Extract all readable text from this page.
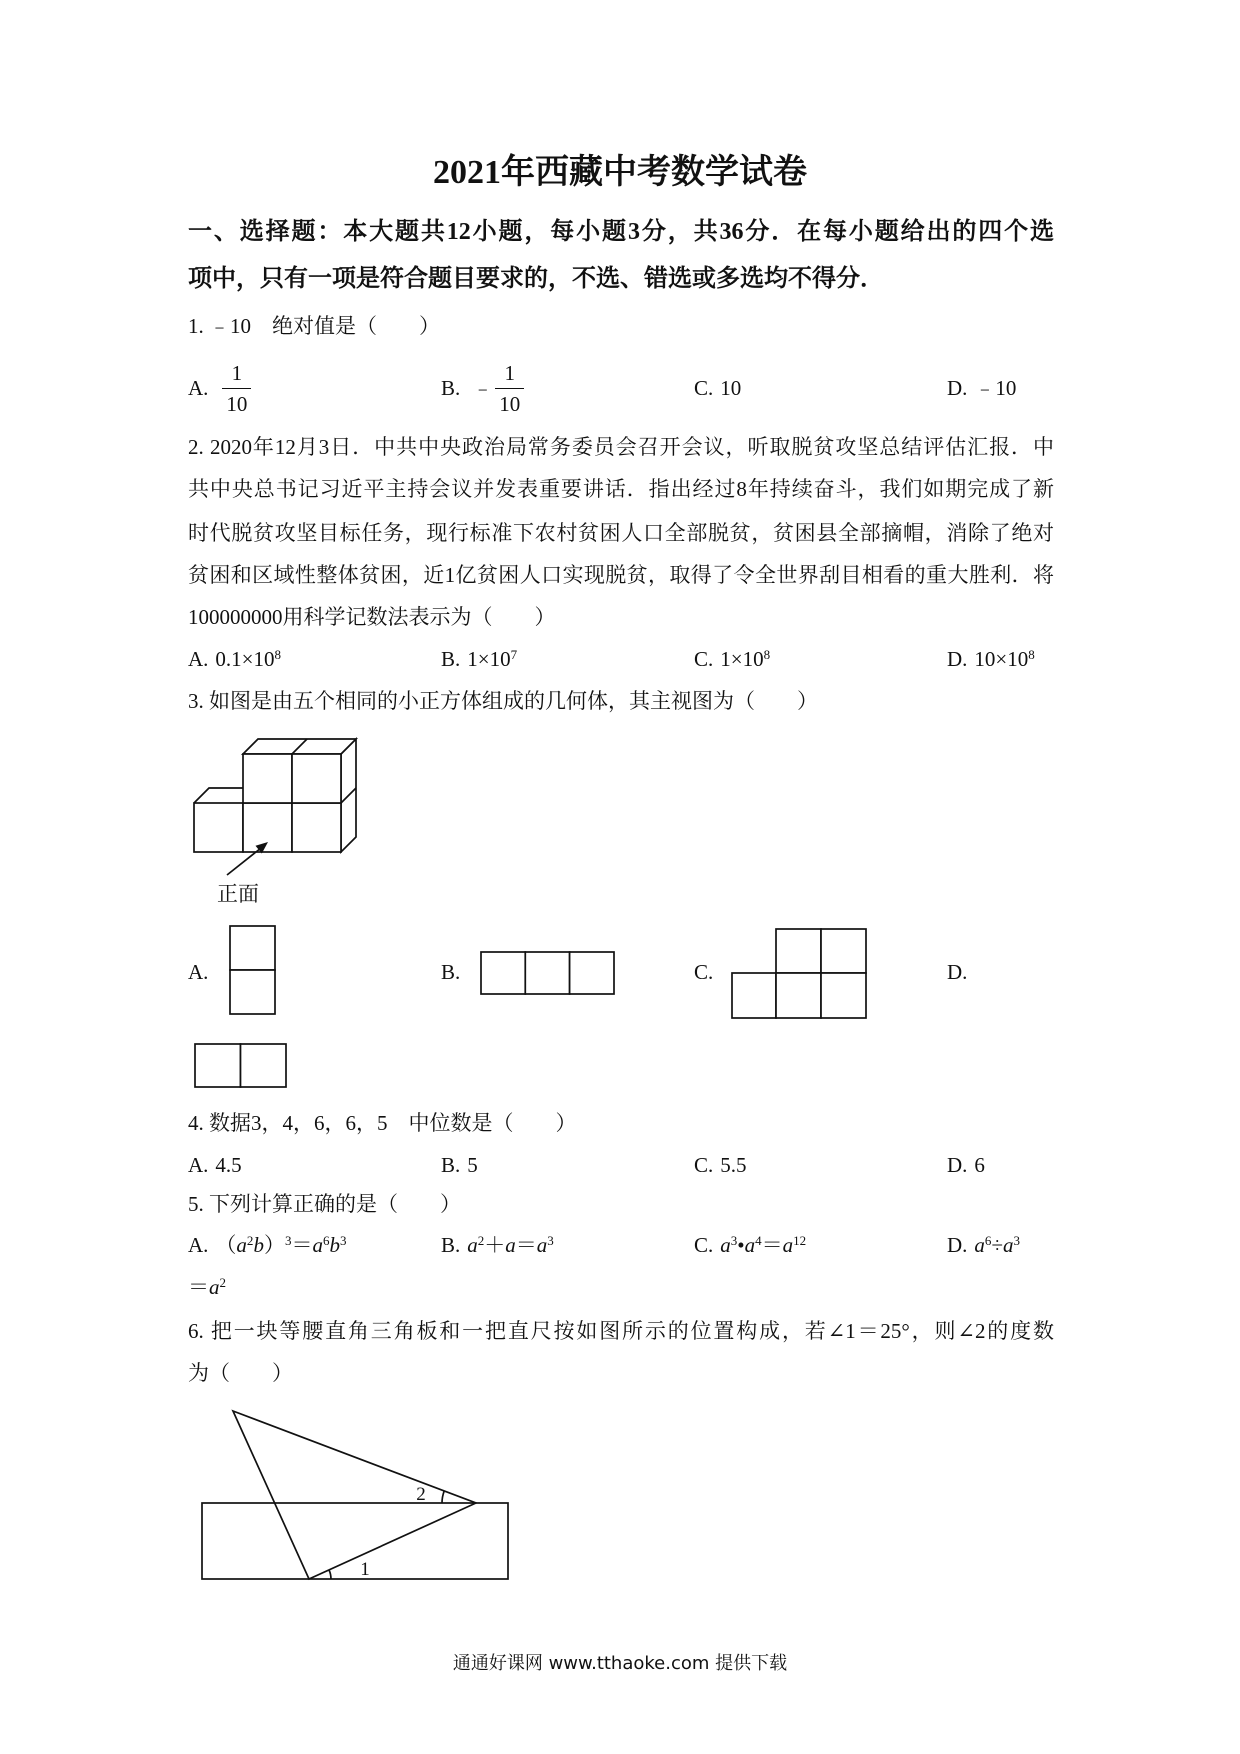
2021年西藏中考数学试卷
一、选择题：本大题共12小题，每小题3分，共36分．在每小题给出的四个选
项中，只有一项是符合题目要求的，不选、错选或多选均不得分．
1. ﹣10　绝对值是（　　）
A. $\frac{1}{10}$	B. ﹣ $\frac{1}{10}$	C. 10	D. ﹣10
2. 2020年12月3日．中共中央政治局常务委员会召开会议，听取脱贫攻坚总结评估汇报．中
共中央总书记习近平主持会议并发表重要讲话．指出经过8年持续奋斗，我们如期完成了新
时代脱贫攻坚目标任务，现行标准下农村贫困人口全部脱贫，贫困县全部摘帽，消除了绝对
贫困和区域性整体贫困，近1亿贫困人口实现脱贫，取得了令全世界刮目相看的重大胜利．将
100000000用科学记数法表示为（　　）
A. $0.1\times 10^8$	B. $1\times 10^7$	C. $1\times 10^8$	D. $10\times 10^8$
3. 如图是由五个相同的小正方体组成的几何体，其主视图为（　　）
正面
A.	B.	C.	D.
4. 数据3，4，6，6，5　中位数是（　　）
A. 4.5	B. 5	C. 5.5	D. 6
5. 下列计算正确的是（　　）
A. $(a^2b)^3=a^6b^3$	B. $a^2+a=a^3$	C. $a^3•a^4=a^{12}$	D. $a^6\div a^3$
$=a^2$
6. 把一块等腰直角三角板和一把直尺按如图所示的位置构成，若∠1＝25°，则∠2的度数
为（　　）
1
2
通通好课网 www.tthaoke.com 提供下载
